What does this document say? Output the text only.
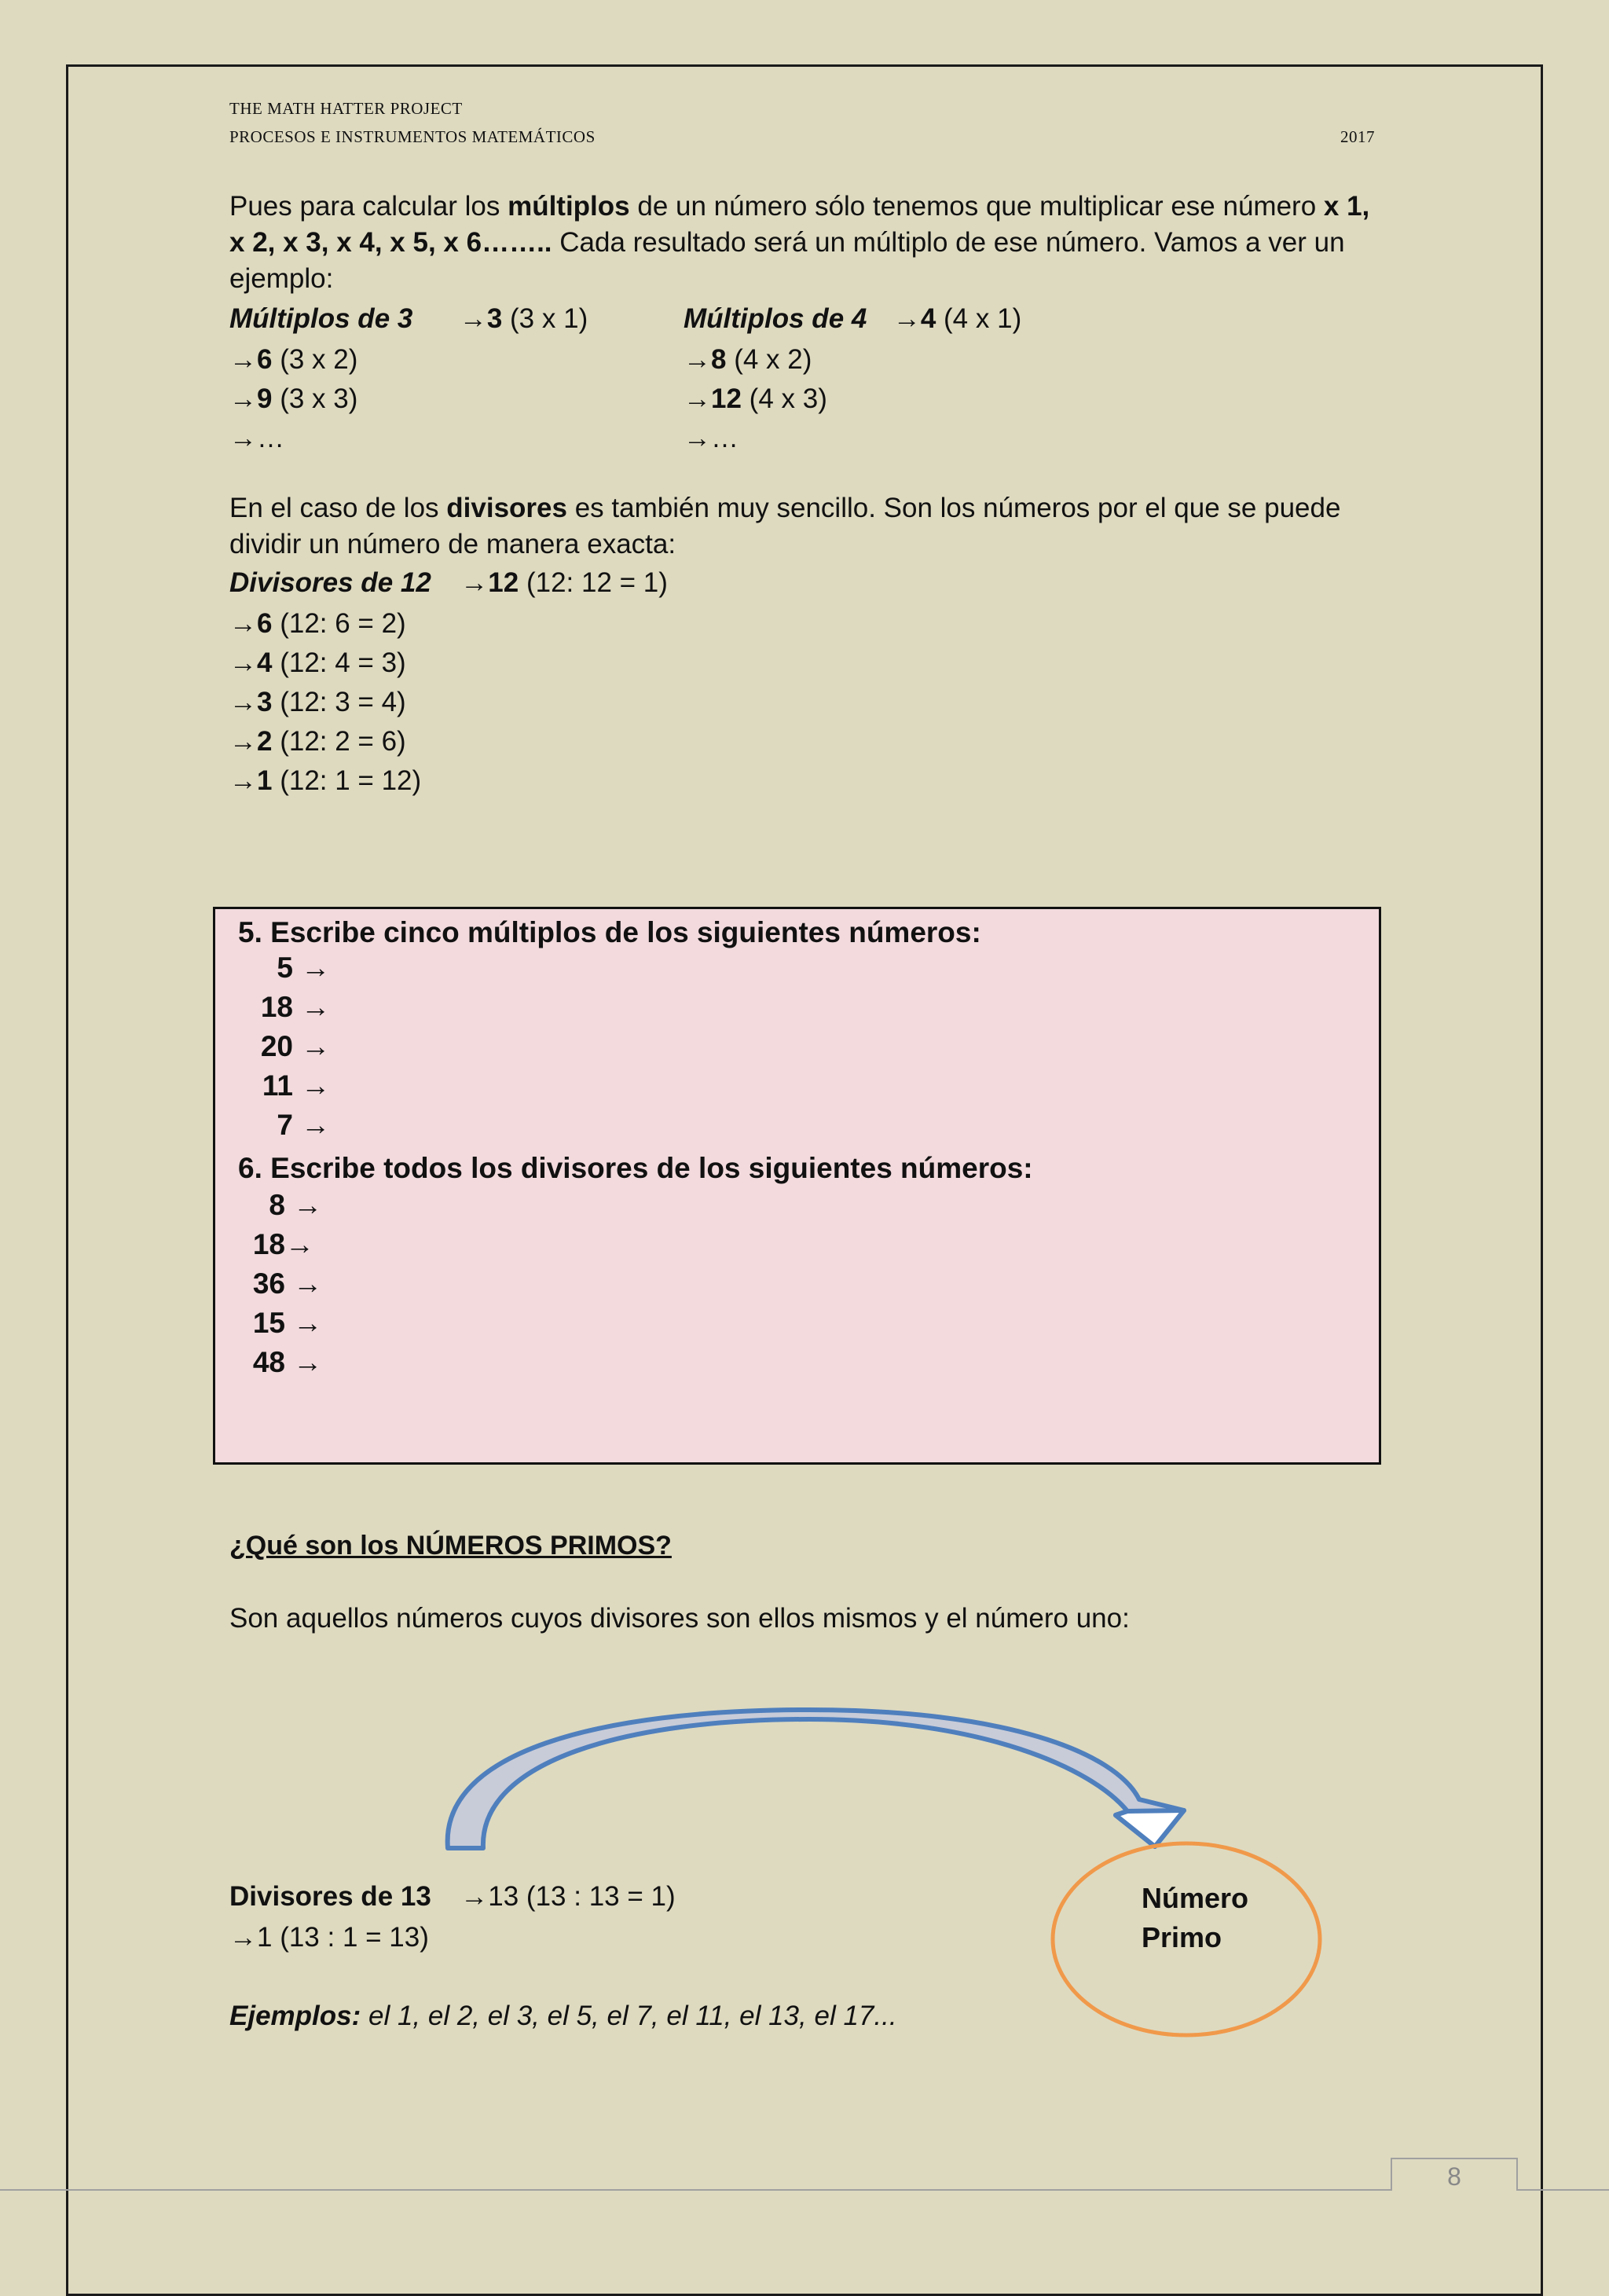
THE MATH HATTER PROJECT
PROCESOS E INSTRUMENTOS MATEMÁTICOS	2017
Pues para calcular los múltiplos de un número sólo tenemos que multiplicar ese número x 1, x 2, x 3, x 4, x 5, x 6…….. Cada resultado será un múltiplo de ese número. Vamos a ver un ejemplo:
Múltiplos de 3 →3 (3 x 1)
→6 (3 x 2)
→9 (3 x 3)
→…
Múltiplos de 4 →4 (4 x 1)
→8 (4 x 2)
→12 (4 x 3)
→…
En el caso de los divisores es también muy sencillo. Son los números por el que se puede dividir un número de manera exacta:
Divisores de 12 →12 (12: 12 = 1)
→6 (12: 6 = 2)
→4 (12: 4 = 3)
→3 (12: 3 = 4)
→2 (12: 2 = 6)
→1 (12: 1 = 12)
5. Escribe cinco múltiplos de los siguientes números:
5 →
18 →
20 →
11 →
7 →
6. Escribe todos los divisores de los siguientes números:
8 →
18→
36 →
15 →
48 →
¿Qué son los NÚMEROS PRIMOS?
Son aquellos números cuyos divisores son ellos mismos y el número uno:
Divisores de 13 →13 (13 : 13 = 1)
→1 (13 : 1 = 13)
Número
Primo
Ejemplos: el 1, el 2, el 3, el 5, el 7, el 11, el 13, el 17...
8
